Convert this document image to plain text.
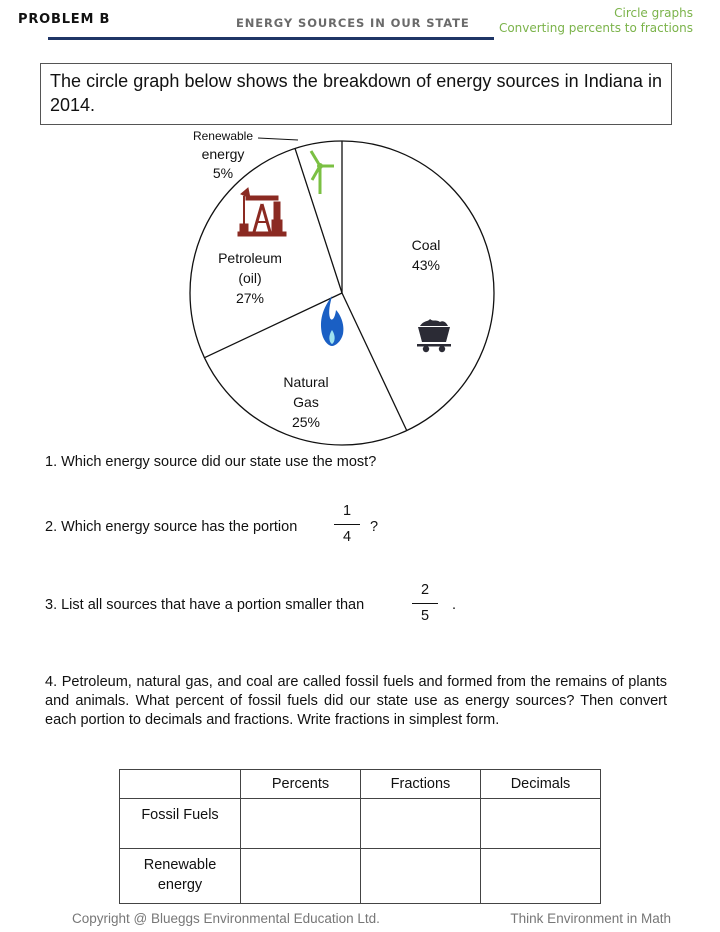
PROBLEM B	ENERGY SOURCES IN OUR STATE
Circle graphs
Converting percents to fractions
The circle graph below shows the breakdown of energy sources in Indiana in 2014.
Coal
43%
Natural
Gas
25%
Petroleum
(oil)
27%
Renewable
energy
5%
1. Which energy source did our state use the most?
2. Which energy source has the portion
1
4
?
3. List all sources that have a portion smaller than
2
5
.
4. Petroleum, natural gas, and coal are called fossil fuels and formed from the remains of plants and animals. What percent of fossil fuels did our state use as energy sources? Then convert each portion to decimals and fractions. Write fractions in simplest form.
	Percents	Fractions	Decimals
Fossil Fuels			
Renewable energy			
Copyright @ Blueggs Environmental Education Ltd.	Think Environment in Math
